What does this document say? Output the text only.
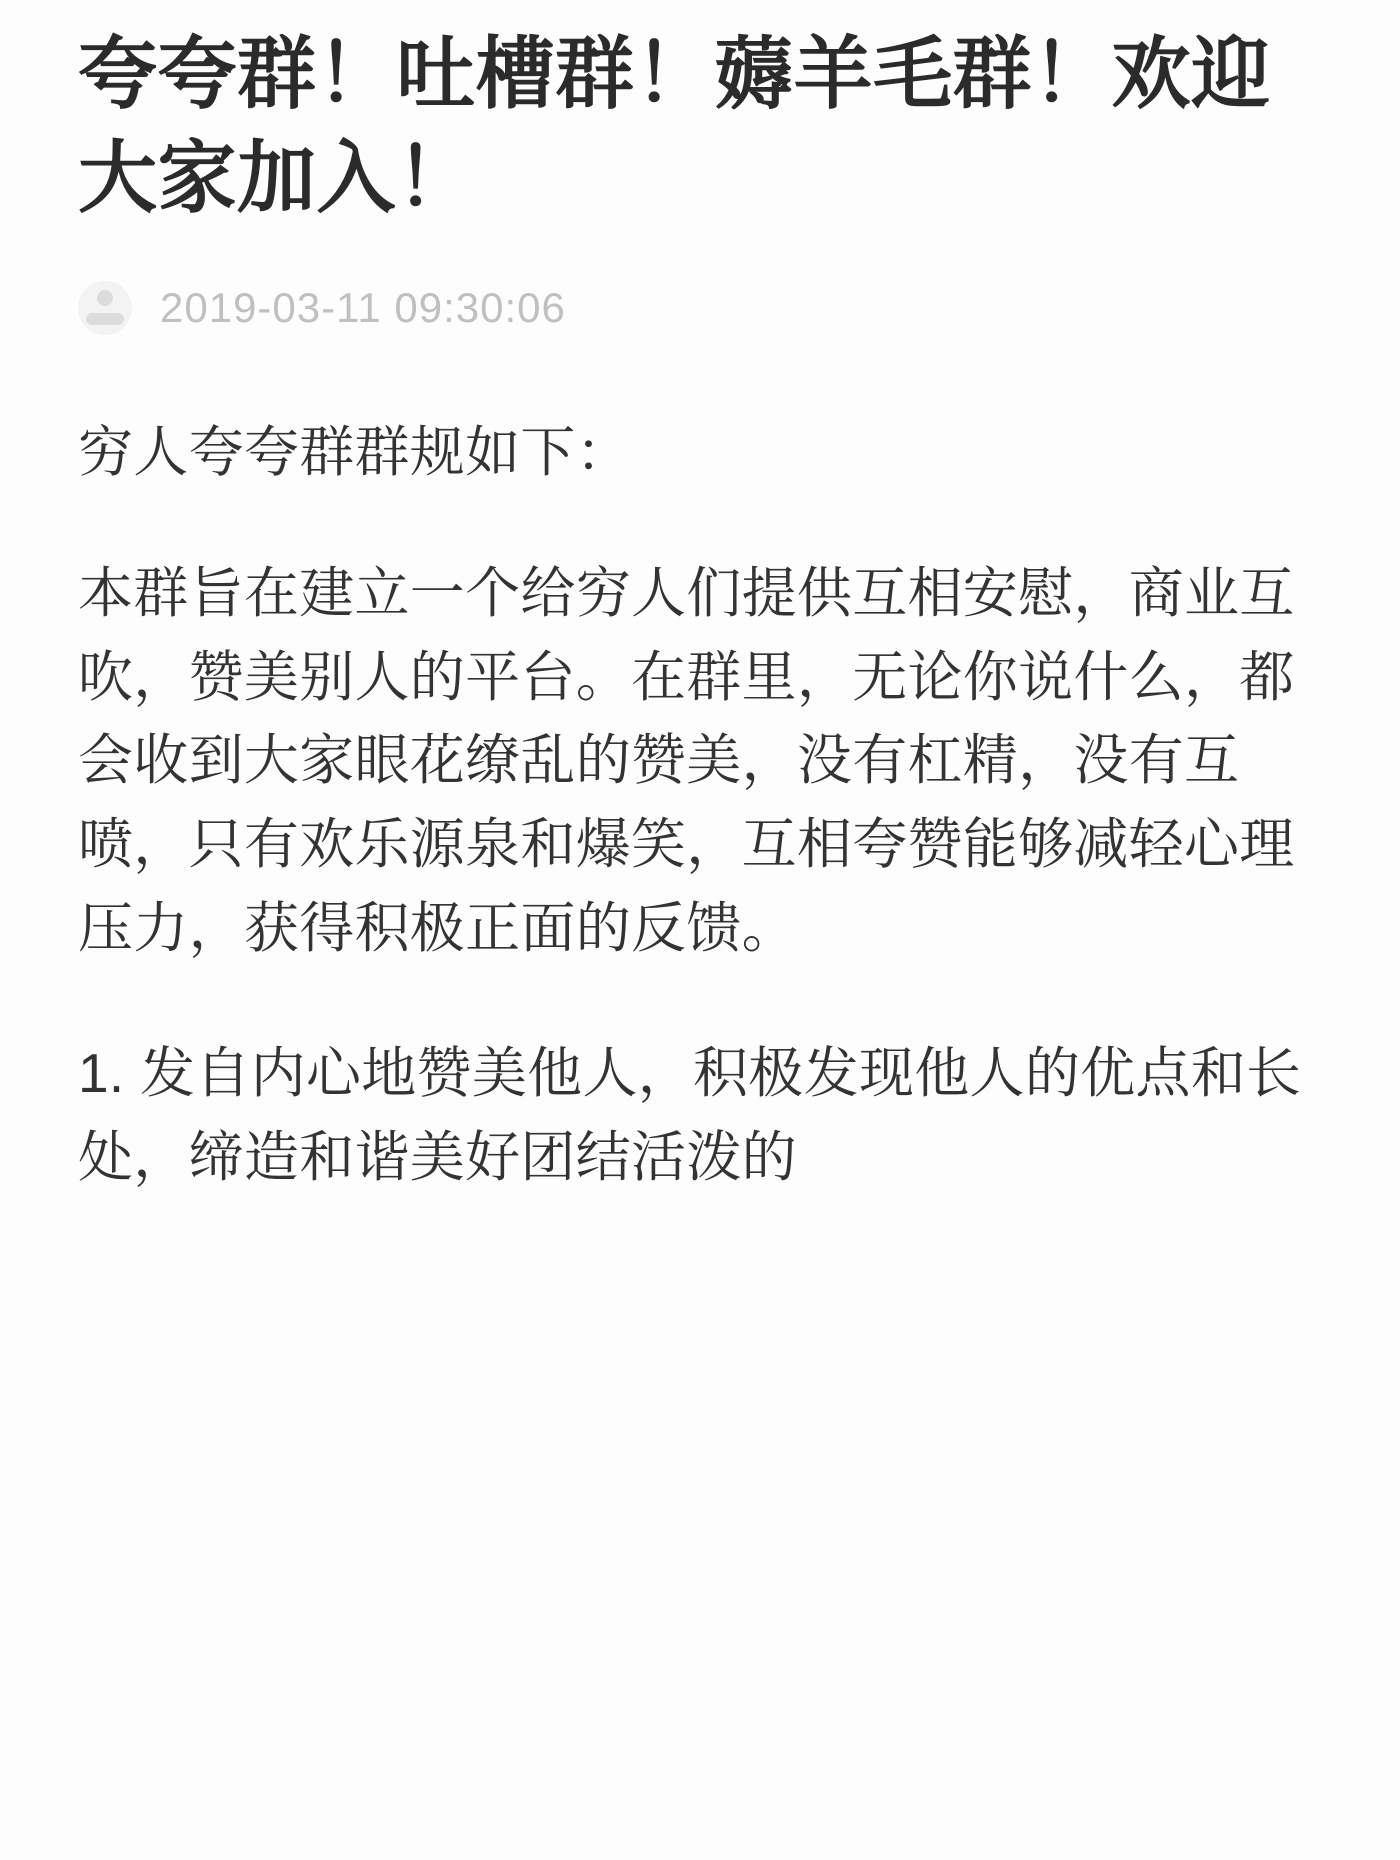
夸夸群！吐槽群！薅羊毛群！欢迎大家加入！
2019-03-11 09:30:06

穷人夸夸群群规如下：

本群旨在建立一个给穷人们提供互相安慰，商业互吹，赞美别人的平台。在群里，无论你说什么，都会收到大家眼花缭乱的赞美，没有杠精，没有互喷，只有欢乐源泉和爆笑，互相夸赞能够减轻心理压力，获得积极正面的反馈。

1. 发自内心地赞美他人，积极发现他人的优点和长处，缔造和谐美好团结活泼的
